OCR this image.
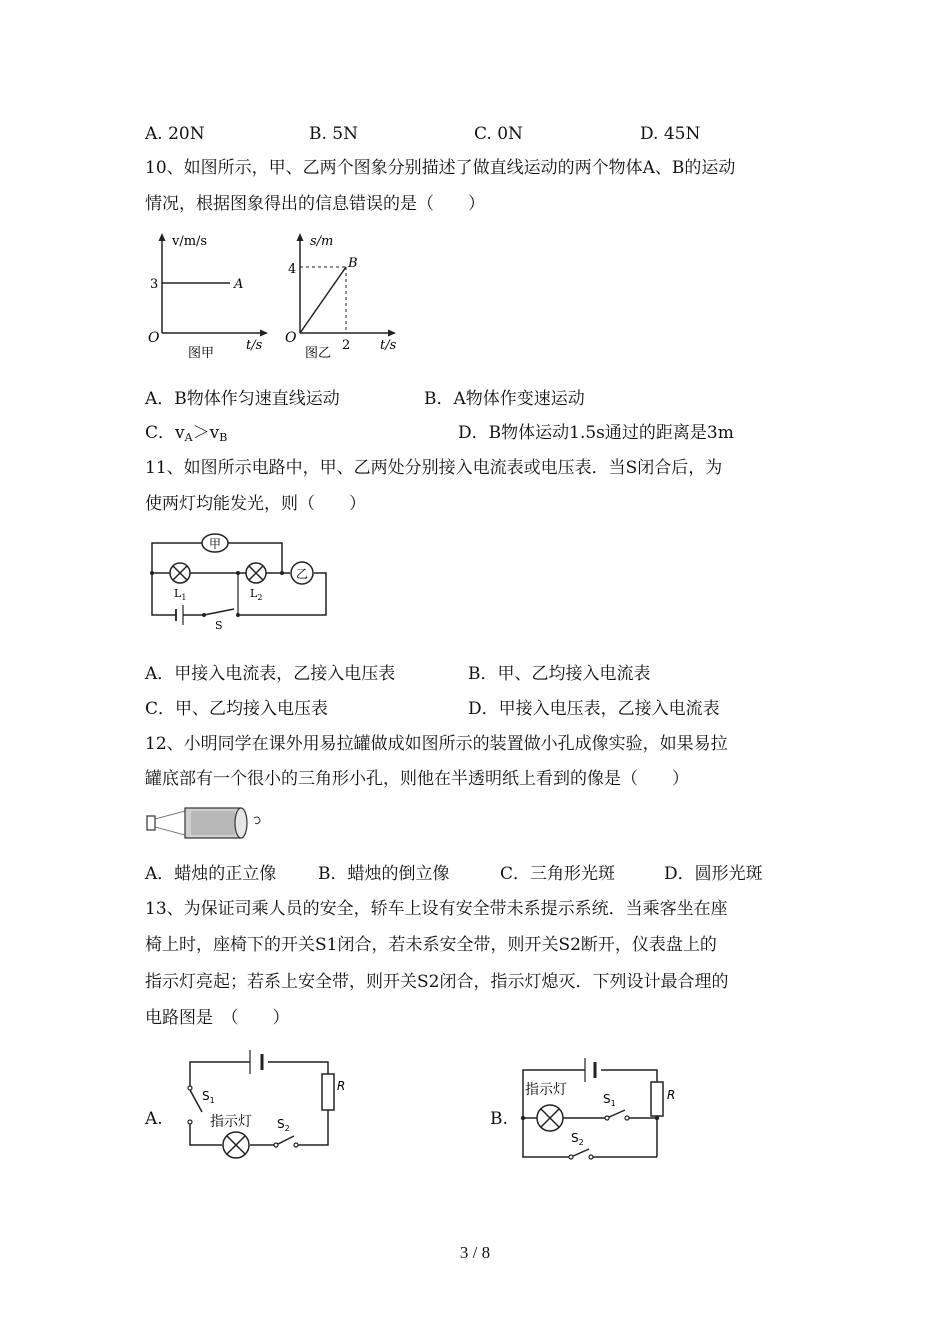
A. 20N	B. 5N	C. 0N	D. 45N
10、如图所示，甲、乙两个图象分别描述了做直线运动的两个物体A、B的运动
情况，根据图象得出的信息错误的是（　　）
v/m/s
3	A
O	t/s
图甲
s/m
4	B
O	2 t/s
图乙
A．B物体作匀速直线运动	B．A物体作变速运动
C．$v_A>v_B$	D．B物体运动1.5s通过的距离是3m
11、如图所示电路中，甲、乙两处分别接入电流表或电压表．当S闭合后，为
使两灯均能发光，则（　　）
甲
乙
$L_1$	$L_2$
S
A．甲接入电流表，乙接入电压表	B．甲、乙均接入电流表
C．甲、乙均接入电压表	D．甲接入电压表，乙接入电流表
12、小明同学在课外用易拉罐做成如图所示的装置做小孔成像实验，如果易拉
罐底部有一个很小的三角形小孔，则他在半透明纸上看到的像是（　　）
A．蜡烛的正立像 B．蜡烛的倒立像	C．三角形光斑	D．圆形光斑
13、为保证司乘人员的安全，轿车上设有安全带未系提示系统．当乘客坐在座
椅上时，座椅下的开关S1闭合，若未系安全带，则开关S2断开，仪表盘上的
指示灯亮起；若系上安全带，则开关S2闭合，指示灯熄灭．下列设计最合理的
电路图是　（　　）
A.
$S_1$
$S_2$
R
指示灯	B.
指示灯
$S_1$
$S_2$
R
3 / 8
